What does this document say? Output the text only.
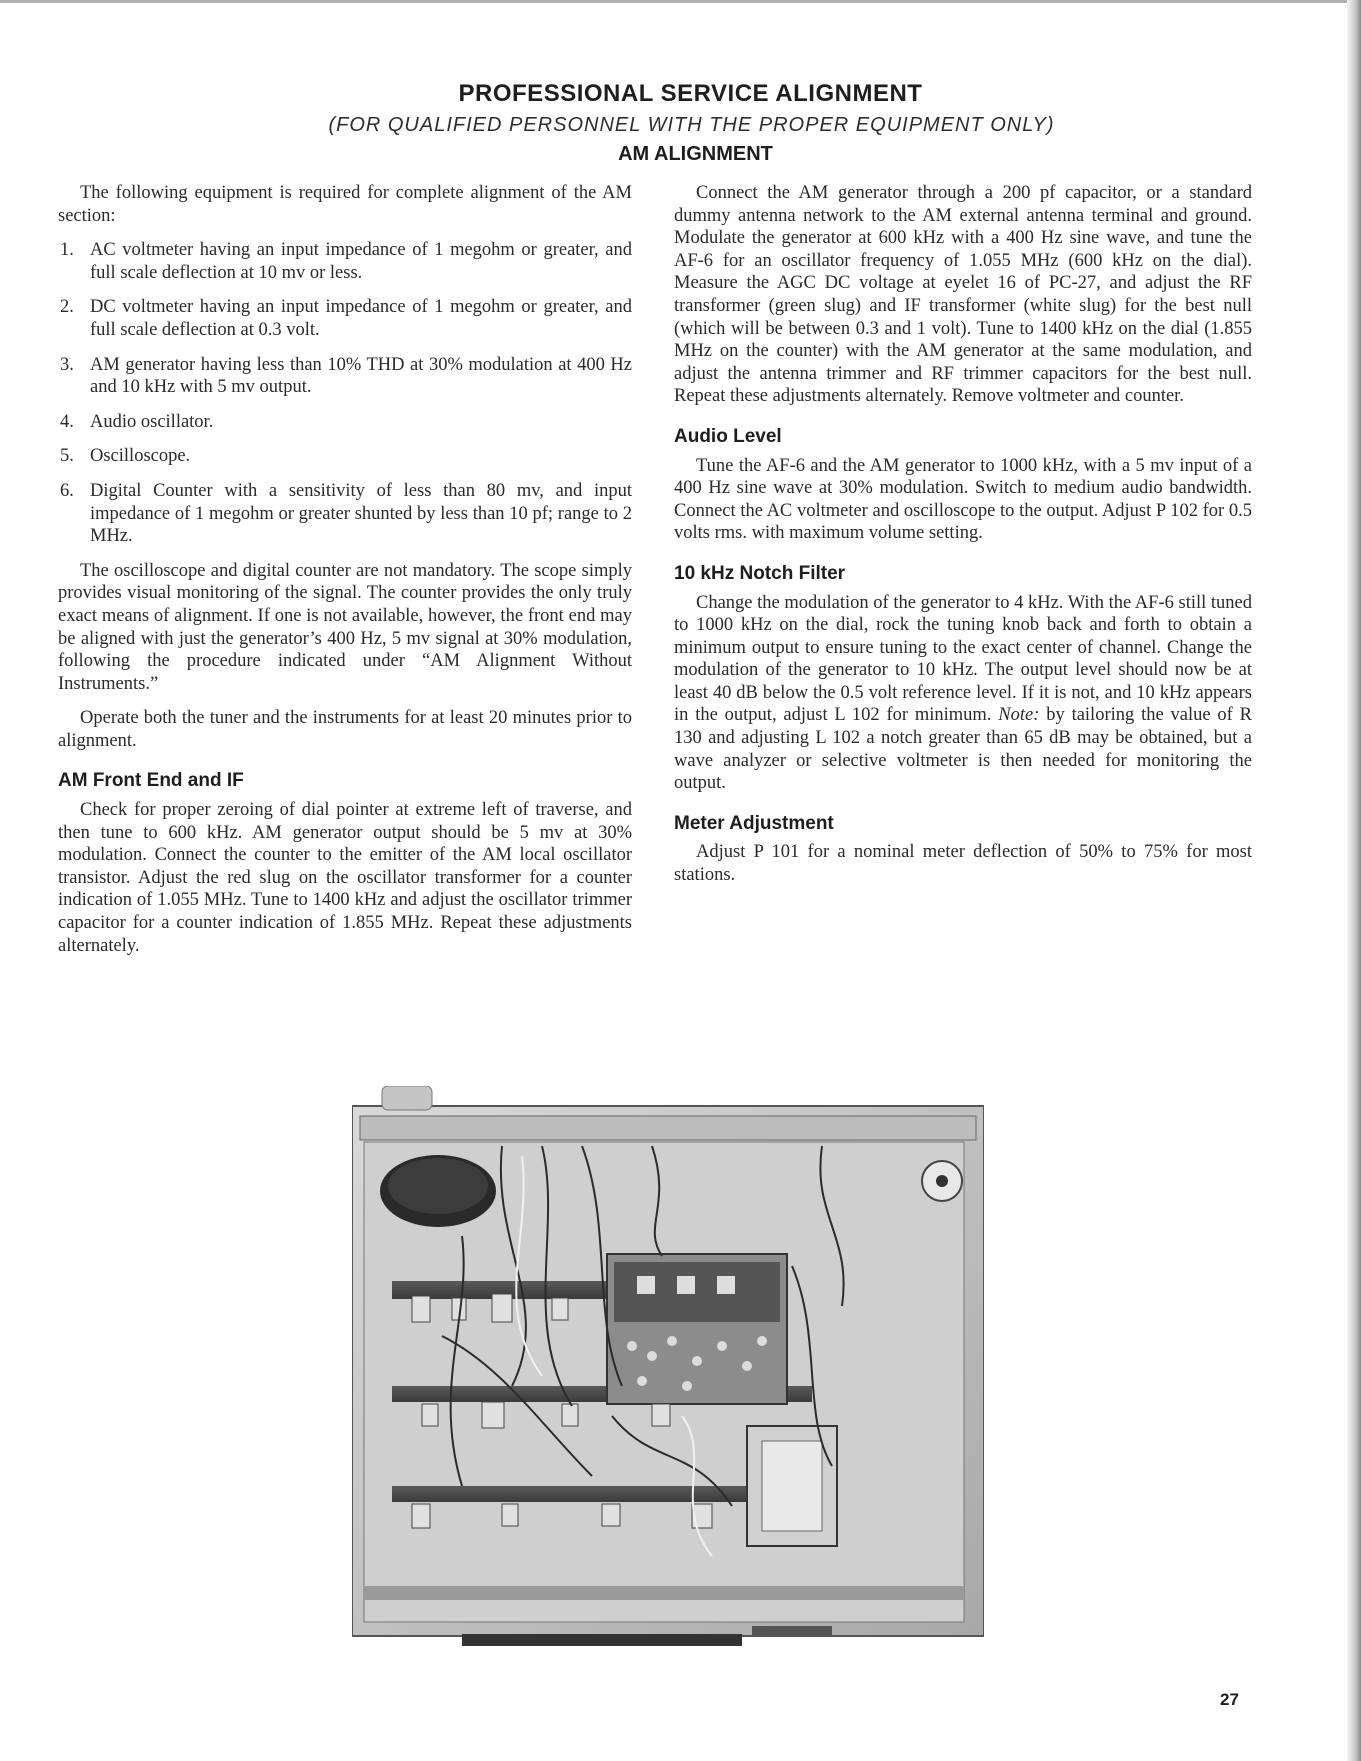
PROFESSIONAL SERVICE ALIGNMENT
(FOR QUALIFIED PERSONNEL WITH THE PROPER EQUIPMENT ONLY)
AM ALIGNMENT

The following equipment is required for complete alignment of the AM section:

1. AC voltmeter having an input impedance of 1 megohm or greater, and full scale deflection at 10 mv or less.
2. DC voltmeter having an input impedance of 1 megohm or greater, and full scale deflection at 0.3 volt.
3. AM generator having less than 10% THD at 30% modulation at 400 Hz and 10 kHz with 5 mv output.
4. Audio oscillator.
5. Oscilloscope.
6. Digital Counter with a sensitivity of less than 80 mv, and input impedance of 1 megohm or greater shunted by less than 10 pf; range to 2 MHz.

The oscilloscope and digital counter are not mandatory. The scope simply provides visual monitoring of the signal. The counter provides the only truly exact means of alignment. If one is not available, however, the front end may be aligned with just the generator’s 400 Hz, 5 mv signal at 30% modulation, following the procedure indicated under “AM Alignment Without Instruments.”

Operate both the tuner and the instruments for at least 20 minutes prior to alignment.

AM Front End and IF

Check for proper zeroing of dial pointer at extreme left of traverse, and then tune to 600 kHz. AM generator output should be 5 mv at 30% modulation. Connect the counter to the emitter of the AM local oscillator transistor. Adjust the red slug on the oscillator transformer for a counter indication of 1.055 MHz. Tune to 1400 kHz and adjust the oscillator trimmer capacitor for a counter indication of 1.855 MHz. Repeat these adjustments alternately.

Connect the AM generator through a 200 pf capacitor, or a standard dummy antenna network to the AM external antenna terminal and ground. Modulate the generator at 600 kHz with a 400 Hz sine wave, and tune the AF-6 for an oscillator frequency of 1.055 MHz (600 kHz on the dial). Measure the AGC DC voltage at eyelet 16 of PC-27, and adjust the RF transformer (green slug) and IF transformer (white slug) for the best null (which will be between 0.3 and 1 volt). Tune to 1400 kHz on the dial (1.855 MHz on the counter) with the AM generator at the same modulation, and adjust the antenna trimmer and RF trimmer capacitors for the best null. Repeat these adjustments alternately. Remove voltmeter and counter.

Audio Level

Tune the AF-6 and the AM generator to 1000 kHz, with a 5 mv input of a 400 Hz sine wave at 30% modulation. Switch to medium audio bandwidth. Connect the AC voltmeter and oscilloscope to the output. Adjust P 102 for 0.5 volts rms. with maximum volume setting.

10 kHz Notch Filter

Change the modulation of the generator to 4 kHz. With the AF-6 still tuned to 1000 kHz on the dial, rock the tuning knob back and forth to obtain a minimum output to ensure tuning to the exact center of channel. Change the modulation of the generator to 10 kHz. The output level should now be at least 40 dB below the 0.5 volt reference level. If it is not, and 10 kHz appears in the output, adjust L 102 for minimum. Note: by tailoring the value of R 130 and adjusting L 102 a notch greater than 65 dB may be obtained, but a wave analyzer or selective voltmeter is then needed for monitoring the output.

Meter Adjustment

Adjust P 101 for a nominal meter deflection of 50% to 75% for most stations.

27
